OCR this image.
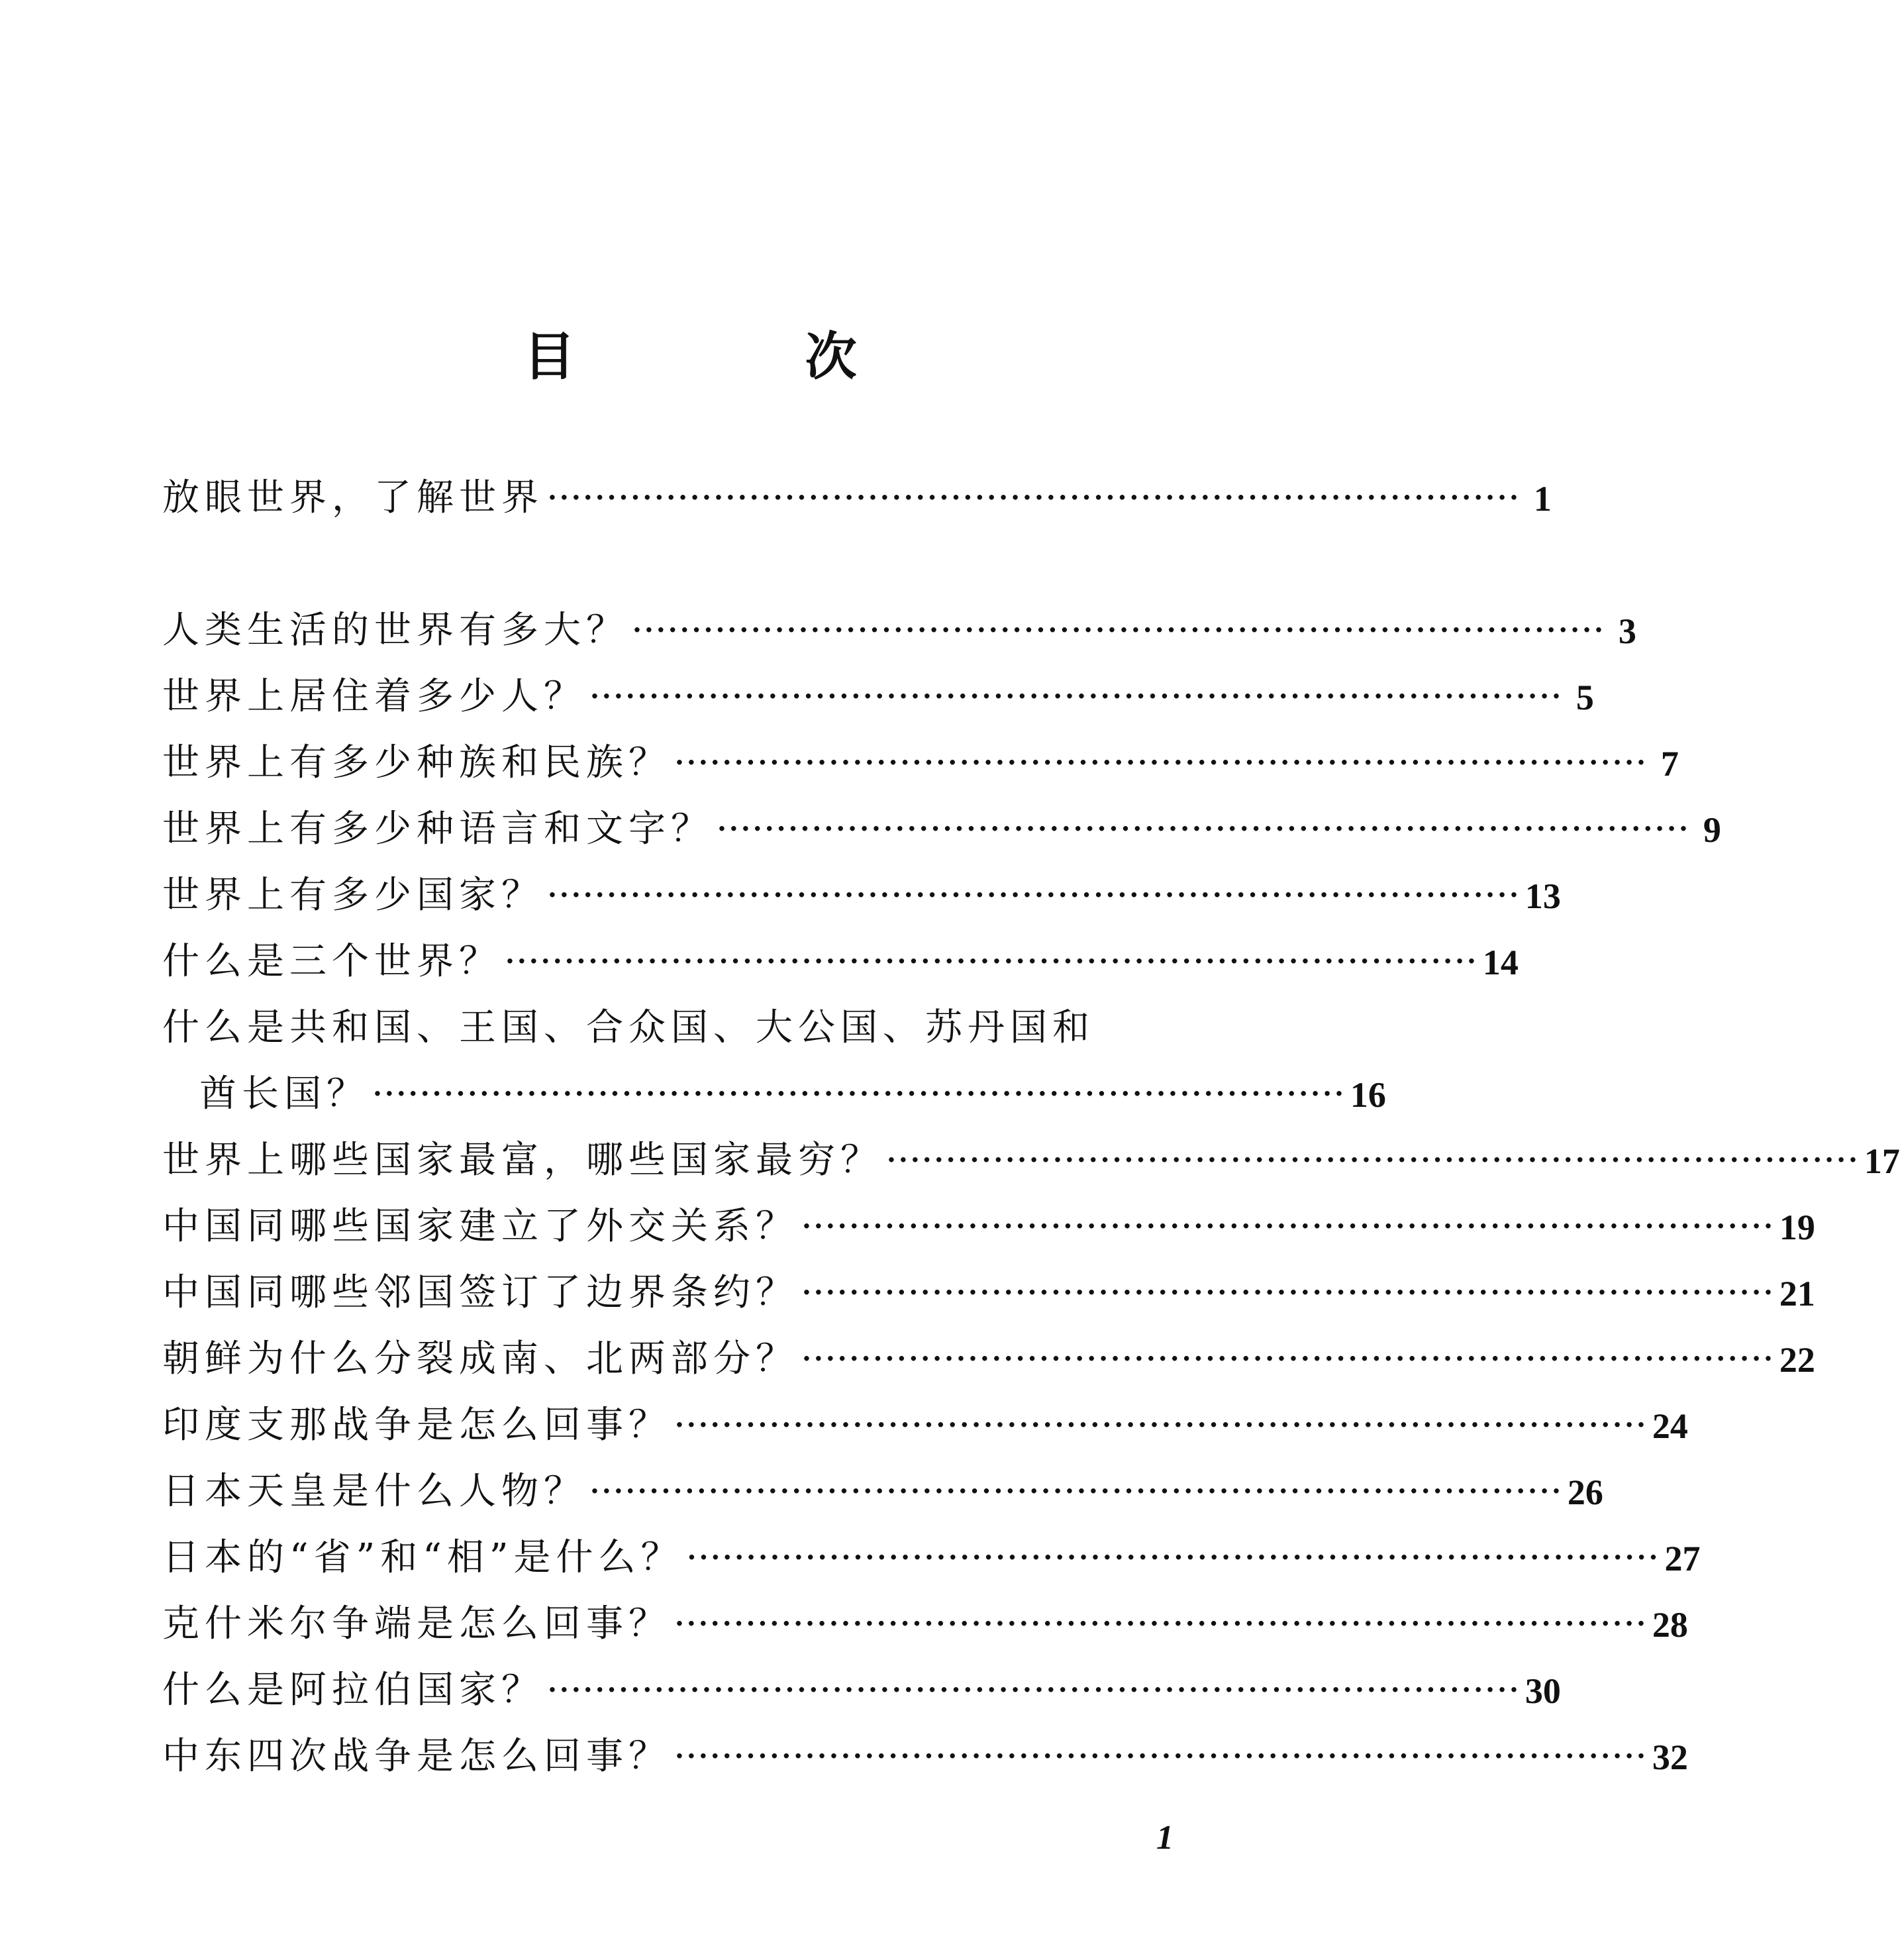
目 次
放眼世界，了解世界 ·················································································· 1
人类生活的世界有多大？ ·················································································· 3
世界上居住着多少人？ ·················································································· 5
世界上有多少种族和民族？ ·················································································· 7
世界上有多少种语言和文字？ ·················································································· 9
世界上有多少国家？ ·················································································· 13
什么是三个世界？ ·················································································· 14
什么是共和国、王国、合众国、大公国、苏丹国和
酋长国？ ·················································································· 16
世界上哪些国家最富，哪些国家最穷？ ·················································································· 17
中国同哪些国家建立了外交关系？ ·················································································· 19
中国同哪些邻国签订了边界条约？ ·················································································· 21
朝鲜为什么分裂成南、北两部分？ ·················································································· 22
印度支那战争是怎么回事？ ·················································································· 24
日本天皇是什么人物？ ·················································································· 26
日本的“省”和“相”是什么？ ·················································································· 27
克什米尔争端是怎么回事？ ·················································································· 28
什么是阿拉伯国家？ ·················································································· 30
中东四次战争是怎么回事？ ·················································································· 32
1
